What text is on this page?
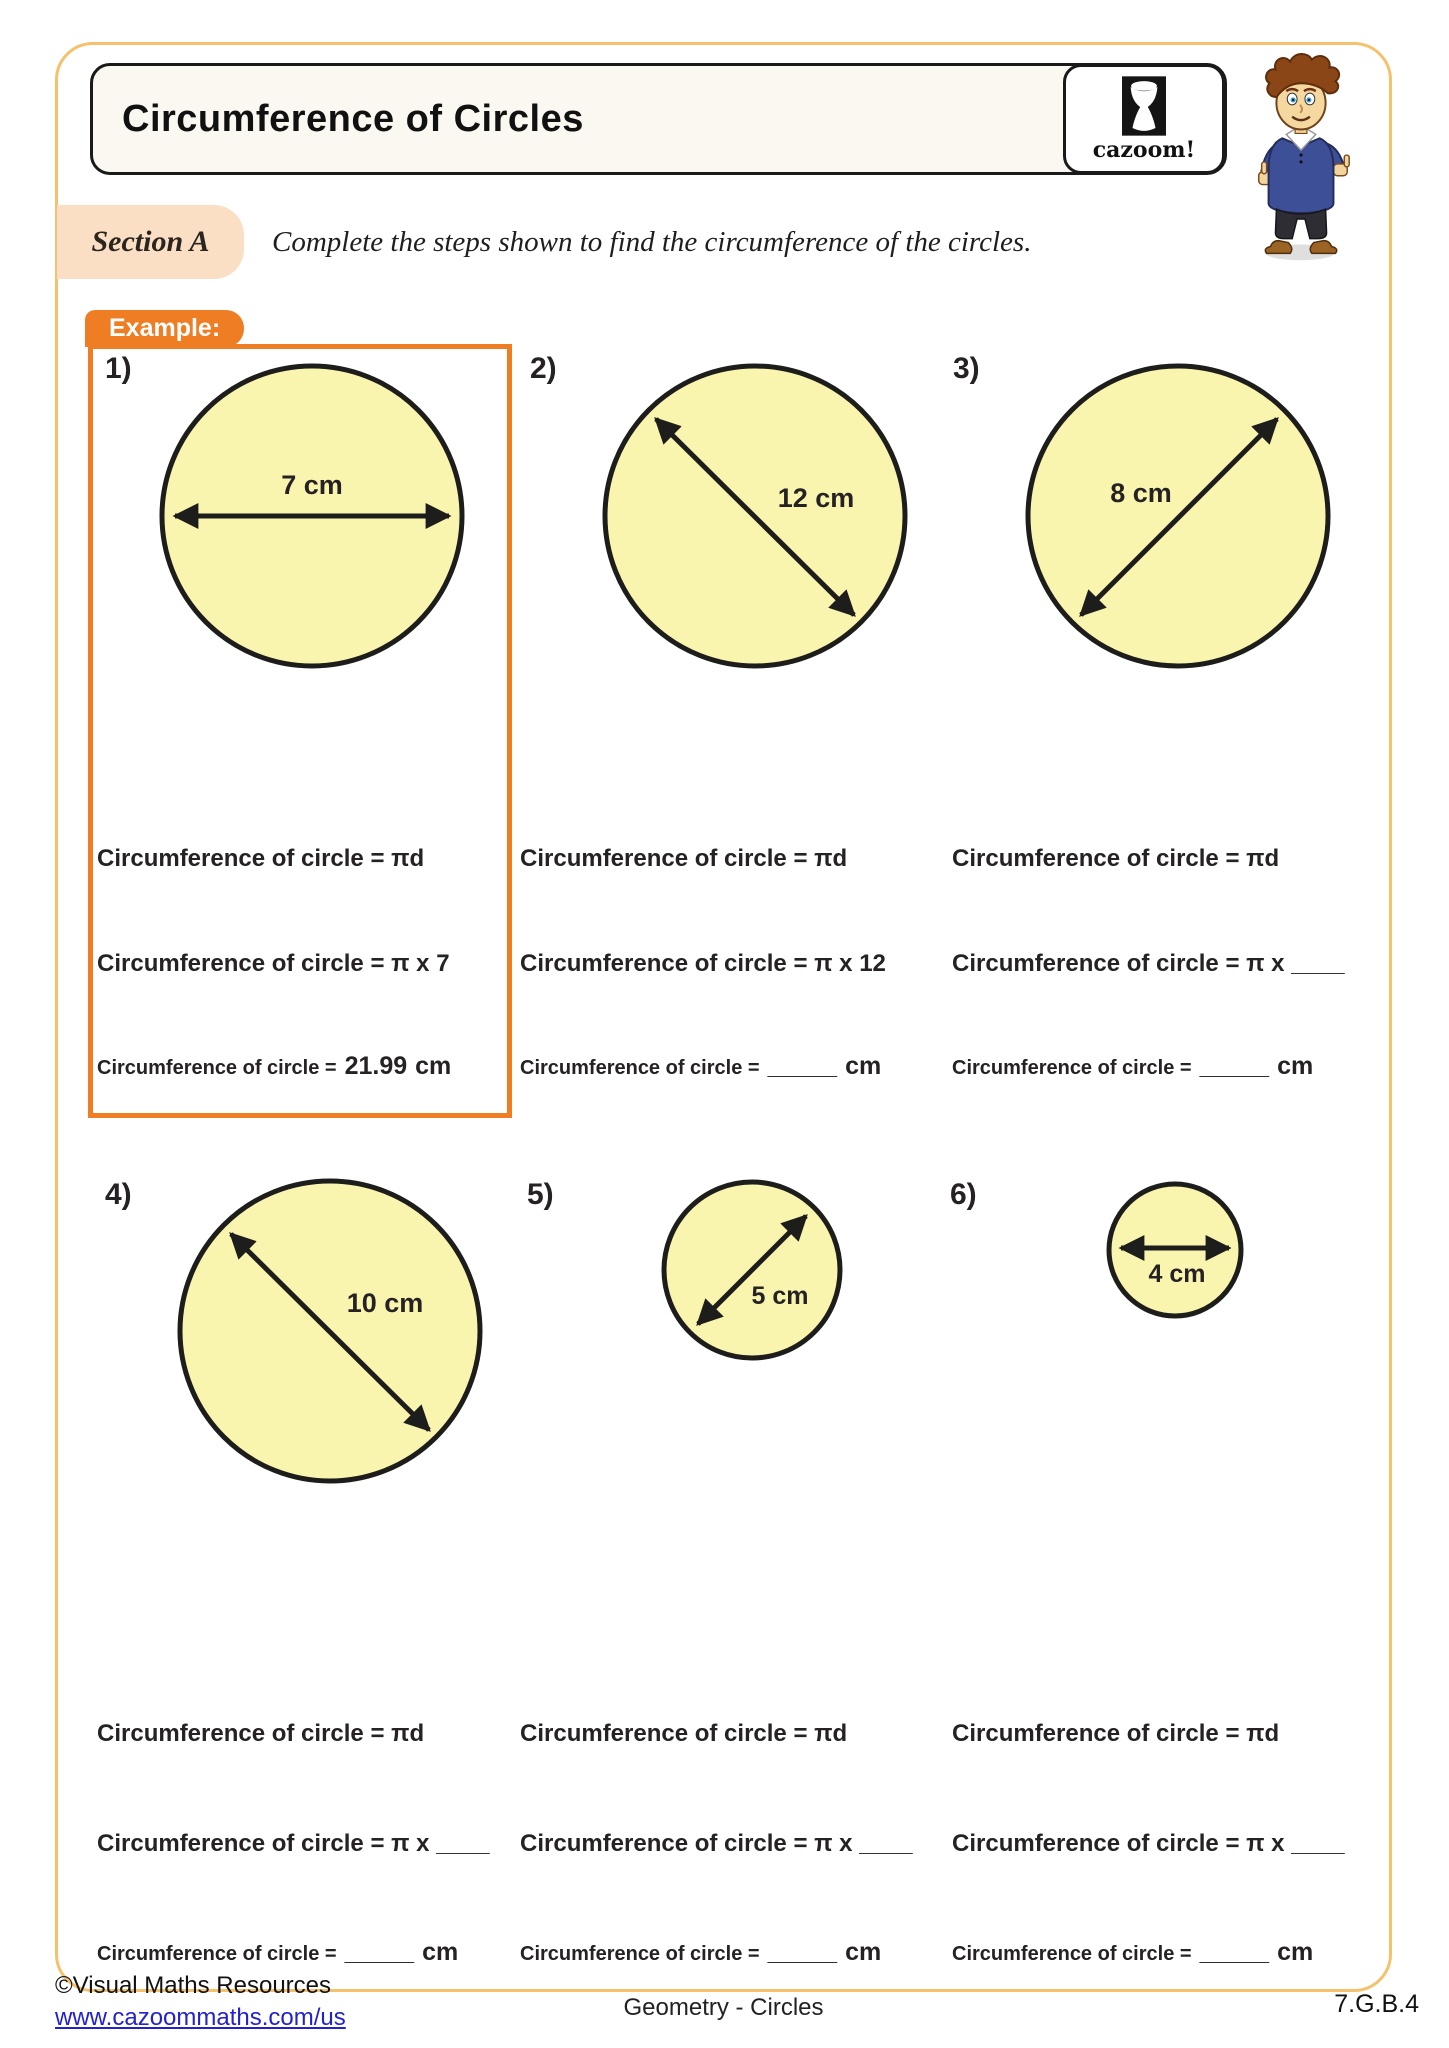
Circumference of Circles
cazoom!
Section A Complete the steps shown to find the circumference of the circles.
Example:
1)	2)	3)
4)	5)	6)
7 cm	12 cm	8 cm
10 cm	5 cm
4 cm
Circumference of circle = πd	Circumference of circle = πd	Circumference of circle = πd
Circumference of circle = π x 7	Circumference of circle = π x 12	Circumference of circle = π x ____
Circumference of circle = 21.99 cm	Circumference of circle = _____ cm	Circumference of circle = _____ cm
Circumference of circle = πd	Circumference of circle = πd	Circumference of circle = πd
Circumference of circle = π x ____ Circumference of circle = π x ____ Circumference of circle = π x ____
Circumference of circle = _____ cm	Circumference of circle = _____ cm	Circumference of circle = _____ cm
©Visual Maths Resources
www.cazoommaths.com/us	Geometry - Circles	7.G.B.4
